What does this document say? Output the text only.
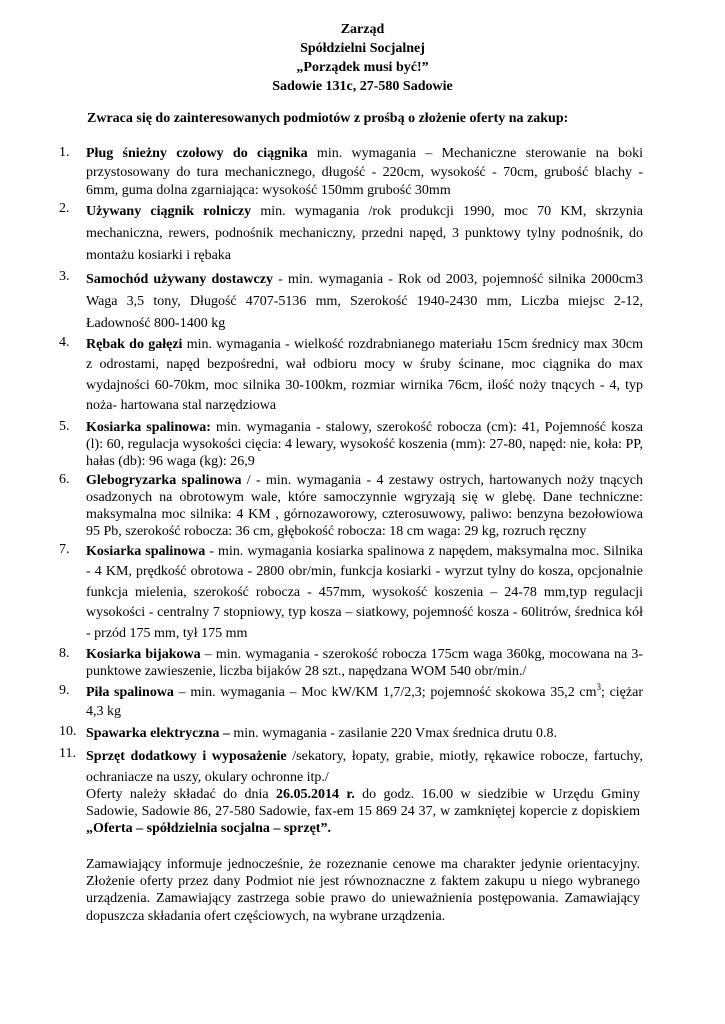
Zarząd
Spółdzielni Socjalnej
„Porządek musi być!”
Sadowie 131c, 27-580 Sadowie
Zwraca się do zainteresowanych podmiotów z prośbą o złożenie oferty na zakup:
1.	Pług śnieżny czołowy do ciągnika min. wymagania – Mechaniczne sterowanie na boki przystosowany do tura mechanicznego, długość - 220cm, wysokość - 70cm, grubość blachy - 6mm, guma dolna zgarniająca: wysokość 150mm grubość 30mm
2.	Używany ciągnik rolniczy min. wymagania /rok produkcji 1990, moc 70 KM, skrzynia mechaniczna, rewers, podnośnik mechaniczny, przedni napęd, 3 punktowy tylny podnośnik, do montażu kosiarki i rębaka
3.	Samochód używany dostawczy - min. wymagania - Rok od 2003, pojemność silnika 2000cm3 Waga 3,5 tony, Długość 4707-5136 mm, Szerokość 1940-2430 mm, Liczba miejsc 2-12, Ładowność 800-1400 kg
4.	Rębak do gałęzi min. wymagania - wielkość rozdrabnianego materiału 15cm średnicy max 30cm z odrostami, napęd bezpośredni, wał odbioru mocy w śruby ścinane, moc ciągnika do max wydajności 60-70km, moc silnika 30-100km, rozmiar wirnika 76cm, ilość noży tnących - 4, typ noża- hartowana stal narzędziowa
5.	Kosiarka spalinowa: min. wymagania - stalowy, szerokość robocza (cm): 41, Pojemność kosza (l): 60, regulacja wysokości cięcia: 4 lewary, wysokość koszenia (mm): 27-80, napęd: nie, koła: PP, hałas (db): 96 waga (kg): 26,9
6.	Glebogryzarka spalinowa / - min. wymagania - 4 zestawy ostrych, hartowanych noży tnących osadzonych na obrotowym wale, które samoczynnie wgryzają się w glebę. Dane techniczne: maksymalna moc silnika: 4 KM , górnozaworowy, czterosuwowy, paliwo: benzyna bezołowiowa 95 Pb, szerokość robocza: 36 cm, głębokość robocza: 18 cm waga: 29 kg, rozruch ręczny
7.	Kosiarka spalinowa - min. wymagania kosiarka spalinowa z napędem, maksymalna moc. Silnika - 4 KM, prędkość obrotowa - 2800 obr/min, funkcja kosiarki - wyrzut tylny do kosza, opcjonalnie funkcja mielenia, szerokość robocza - 457mm, wysokość koszenia – 24-78 mm,typ regulacji wysokości - centralny 7 stopniowy, typ kosza – siatkowy, pojemność kosza - 60litrów, średnica kół - przód 175 mm, tył 175 mm
8.	Kosiarka bijakowa – min. wymagania - szerokość robocza 175cm waga 360kg, mocowana na 3-punktowe zawieszenie, liczba bijaków 28 szt., napędzana WOM 540 obr/min./
9.	Piła spalinowa – min. wymagania – Moc kW/KM 1,7/2,3; pojemność skokowa 35,2 $cm^3$; ciężar 4,3 kg
10. Spawarka elektryczna – min. wymagania - zasilanie 220 Vmax średnica drutu 0.8.
11. Sprzęt dodatkowy i wyposażenie /sekatory, łopaty, grabie, miotły, rękawice robocze, fartuchy, ochraniacze na uszy, okulary ochronne itp./
Oferty należy składać do dnia 26.05.2014 r. do godz. 16.00 w siedzibie w Urzędu Gminy Sadowie, Sadowie 86, 27-580 Sadowie, fax-em 15 869 24 37, w zamkniętej kopercie z dopiskiem „Oferta – spółdzielnia socjalna – sprzęt”.
Zamawiający informuje jednocześnie, że rozeznanie cenowe ma charakter jedynie orientacyjny. Złożenie oferty przez dany Podmiot nie jest równoznaczne z faktem zakupu u niego wybranego urządzenia. Zamawiający zastrzega sobie prawo do unieważnienia postępowania. Zamawiający dopuszcza składania ofert częściowych, na wybrane urządzenia.
